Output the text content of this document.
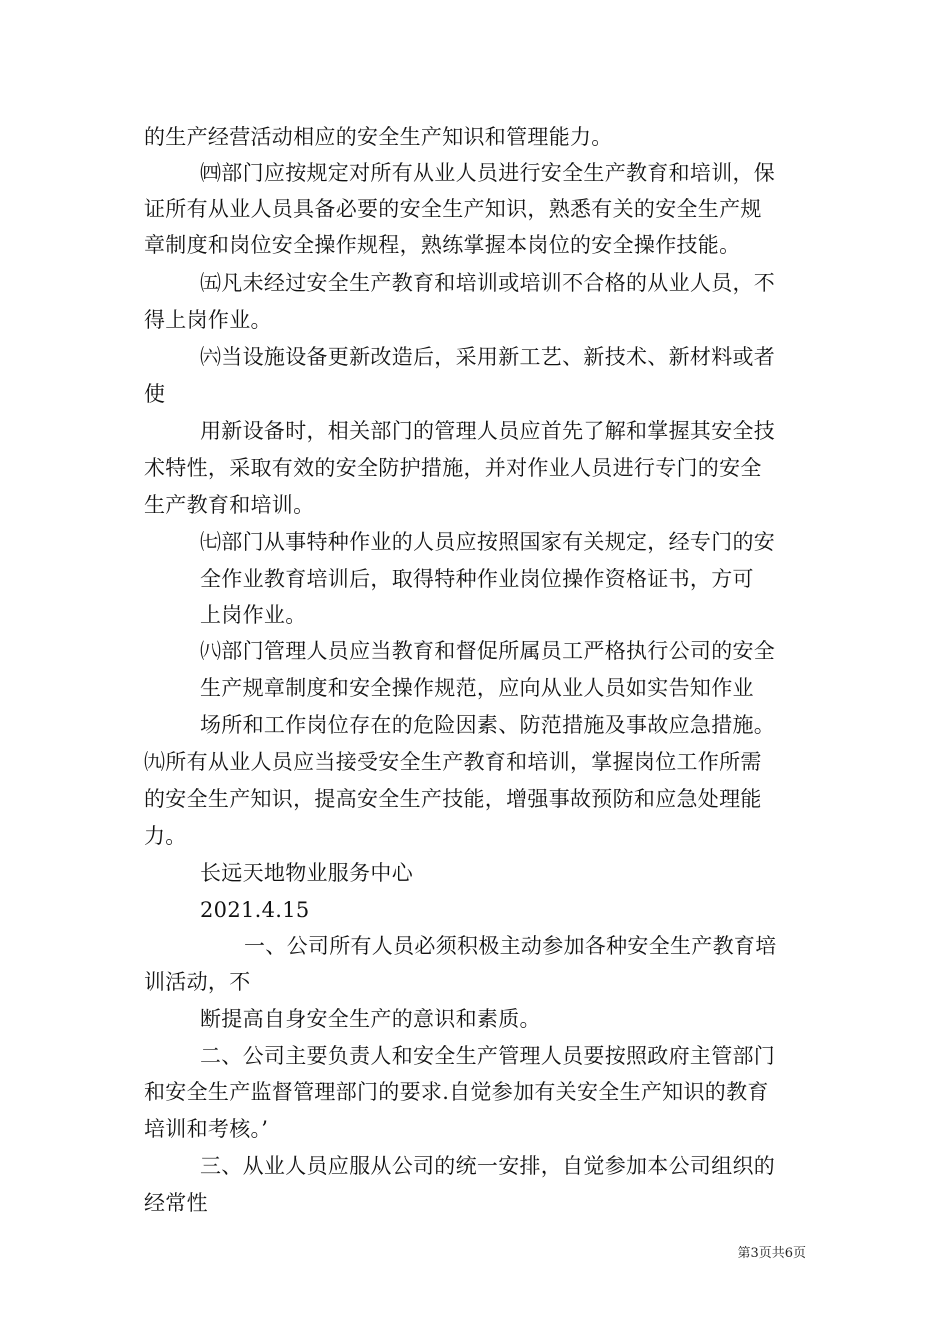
的生产经营活动相应的安全生产知识和管理能力。
㈣部门应按规定对所有从业人员进行安全生产教育和培训，保
证所有从业人员具备必要的安全生产知识，熟悉有关的安全生产规
章制度和岗位安全操作规程，熟练掌握本岗位的安全操作技能。
㈤凡未经过安全生产教育和培训或培训不合格的从业人员，不
得上岗作业。
㈥当设施设备更新改造后，采用新工艺、新技术、新材料或者
使
用新设备时，相关部门的管理人员应首先了解和掌握其安全技
术特性，采取有效的安全防护措施，并对作业人员进行专门的安全
生产教育和培训。
㈦部门从事特种作业的人员应按照国家有关规定，经专门的安
全作业教育培训后，取得特种作业岗位操作资格证书，方可
上岗作业。
㈧部门管理人员应当教育和督促所属员工严格执行公司的安全
生产规章制度和安全操作规范，应向从业人员如实告知作业
场所和工作岗位存在的危险因素、防范措施及事故应急措施。
㈨所有从业人员应当接受安全生产教育和培训，掌握岗位工作所需
的安全生产知识，提高安全生产技能，增强事故预防和应急处理能
力。
长远天地物业服务中心
2021.4.15
一、公司所有人员必须积极主动参加各种安全生产教育培
训活动，不
断提高自身安全生产的意识和素质。
二、公司主要负责人和安全生产管理人员要按照政府主管部门
和安全生产监督管理部门的要求.自觉参加有关安全生产知识的教育
培训和考核。’
三、从业人员应服从公司的统一安排，自觉参加本公司组织的
经常性
第3页共6页
